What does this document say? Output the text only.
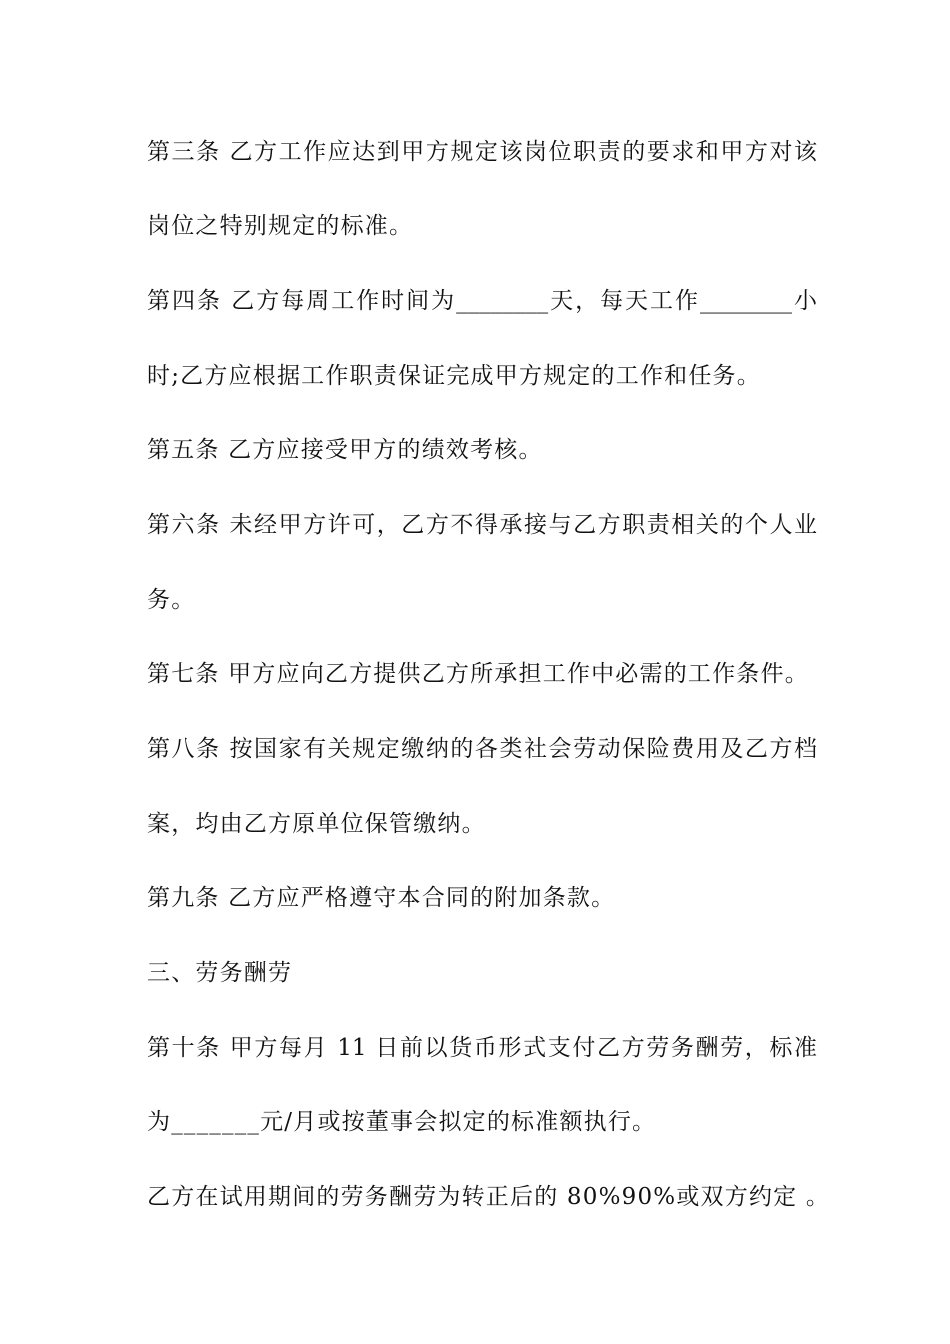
第三条 乙方工作应达到甲方规定该岗位职责的要求和甲方对该
岗位之特别规定的标准。
第四条 乙方每周工作时间为________天，每天工作________小
时;乙方应根据工作职责保证完成甲方规定的工作和任务。
第五条 乙方应接受甲方的绩效考核。
第六条 未经甲方许可，乙方不得承接与乙方职责相关的个人业
务。
第七条 甲方应向乙方提供乙方所承担工作中必需的工作条件。
第八条 按国家有关规定缴纳的各类社会劳动保险费用及乙方档
案，均由乙方原单位保管缴纳。
第九条 乙方应严格遵守本合同的附加条款。
三、劳务酬劳
第十条 甲方每月 11 日前以货币形式支付乙方劳务酬劳，标准
为_______元/月或按董事会拟定的标准额执行。
乙方在试用期间的劳务酬劳为转正后的 80%90%或双方约定 。
